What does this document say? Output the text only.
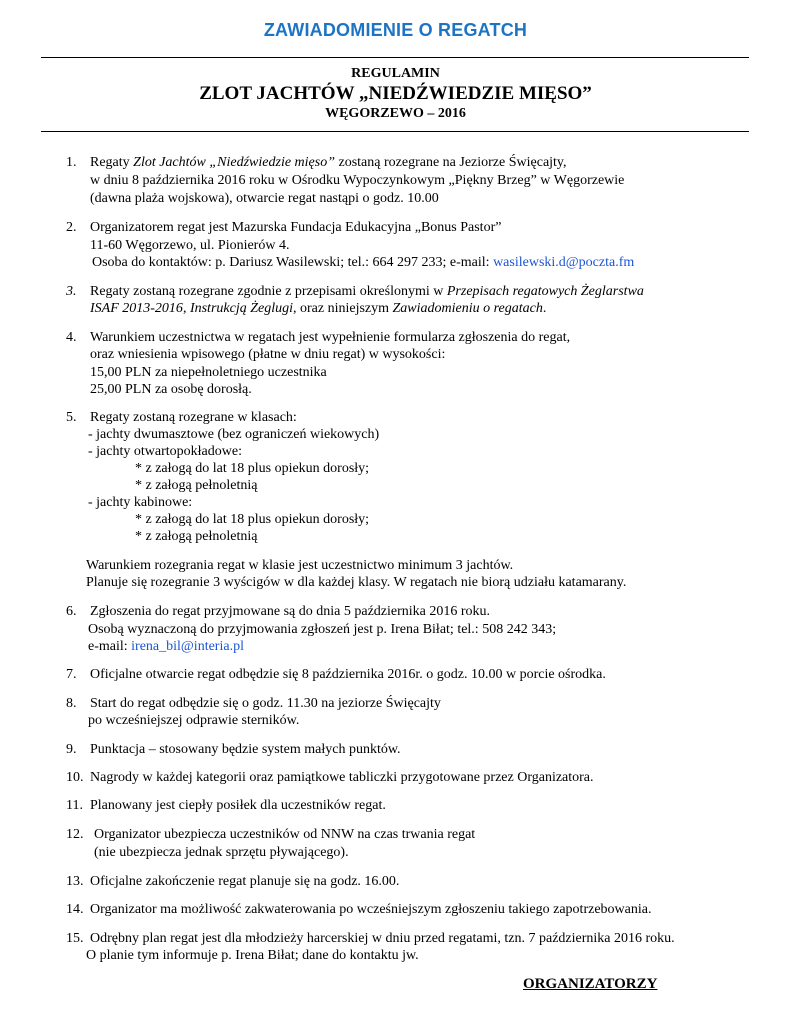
ZAWIADOMIENIE O REGATCH
REGULAMIN
ZLOT JACHTÓW „NIEDŹWIEDZIE MIĘSO”
WĘGORZEWO – 2016
1. Regaty Zlot Jachtów „Niedźwiedzie mięso” zostaną rozegrane na Jeziorze Święcajty,
w dniu 8 października 2016 roku w Ośrodku Wypoczynkowym „Piękny Brzeg” w Węgorzewie
(dawna plaża wojskowa), otwarcie regat nastąpi o godz. 10.00
2. Organizatorem regat jest Mazurska Fundacja Edukacyjna „Bonus Pastor”
11-60 Węgorzewo, ul. Pionierów 4.
Osoba do kontaktów: p. Dariusz Wasilewski; tel.: 664 297 233; e-mail: wasilewski.d@poczta.fm
3. Regaty zostaną rozegrane zgodnie z przepisami określonymi w Przepisach regatowych Żeglarstwa
ISAF 2013-2016, Instrukcją Żeglugi, oraz niniejszym Zawiadomieniu o regatach.
4. Warunkiem uczestnictwa w regatach jest wypełnienie formularza zgłoszenia do regat,
oraz wniesienia wpisowego (płatne w dniu regat) w wysokości:
15,00 PLN za niepełnoletniego uczestnika
25,00 PLN za osobę dorosłą.
5. Regaty zostaną rozegrane w klasach:
- jachty dwumasztowe (bez ograniczeń wiekowych)
- jachty otwartopokładowe:
* z załogą do lat 18 plus opiekun dorosły;
* z załogą pełnoletnią
- jachty kabinowe:
* z załogą do lat 18 plus opiekun dorosły;
* z załogą pełnoletnią
Warunkiem rozegrania regat w klasie jest uczestnictwo minimum 3 jachtów.
Planuje się rozegranie 3 wyścigów w dla każdej klasy. W regatach nie biorą udziału katamarany.
6. Zgłoszenia do regat przyjmowane są do dnia 5 października 2016 roku.
Osobą wyznaczoną do przyjmowania zgłoszeń jest p. Irena Biłat; tel.: 508 242 343;
e-mail: irena_bil@interia.pl
7. Oficjalne otwarcie regat odbędzie się 8 października 2016r. o godz. 10.00 w porcie ośrodka.
8. Start do regat odbędzie się o godz. 11.30 na jeziorze Święcajty
po wcześniejszej odprawie sterników.
9. Punktacja – stosowany będzie system małych punktów.
10. Nagrody w każdej kategorii oraz pamiątkowe tabliczki przygotowane przez Organizatora.
11. Planowany jest ciepły posiłek dla uczestników regat.
12. Organizator ubezpiecza uczestników od NNW na czas trwania regat
(nie ubezpiecza jednak sprzętu pływającego).
13. Oficjalne zakończenie regat planuje się na godz. 16.00.
14. Organizator ma możliwość zakwaterowania po wcześniejszym zgłoszeniu takiego zapotrzebowania.
15. Odrębny plan regat jest dla młodzieży harcerskiej w dniu przed regatami, tzn. 7 października 2016 roku.
O planie tym informuje p. Irena Biłat; dane do kontaktu jw.
ORGANIZATORZY
